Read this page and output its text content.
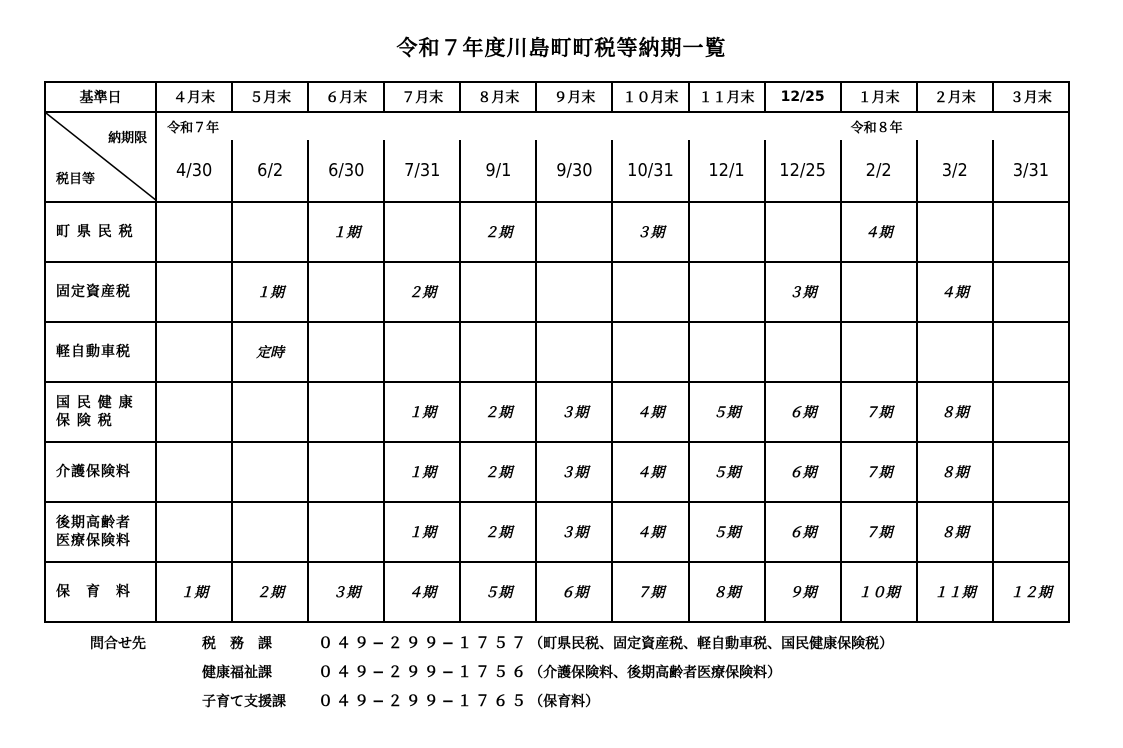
令和７年度川島町町税等納期一覧
基準日	４月末	５月末	６月末	７月末	８月末	９月末	１０月末	１１月末	12/25	１月末	２月末	３月末

納期限
税目等	令和７年									令和８年		
	4/30	6/2	6/30	7/31	9/1	9/30	10/31	12/1	12/25	2/2	3/2	3/31
町 県 民 税			１期		２期		３期			４期		
固定資産税		１期		２期					３期		４期	
軽自動車税		定時										
国 民 健 康
保 険 税				１期	２期	３期	４期	５期	６期	７期	８期	
介護保険料				１期	２期	３期	４期	５期	６期	７期	８期	
後期高齢者
医療保険料				１期	２期	３期	４期	５期	６期	７期	８期	
保　育　料	１期	２期	３期	４期	５期	６期	７期	８期	９期	１０期	１１期	１２期
問合せ先	税　務　課	０４９−２９９−１７５７ （町県民税、固定資産税、軽自動車税、国民健康保険税）
健康福祉課	０４９−２９９−１７５６ （介護保険料、後期高齢者医療保険料）
子育て支援課	０４９−２９９−１７６５ （保育料）
